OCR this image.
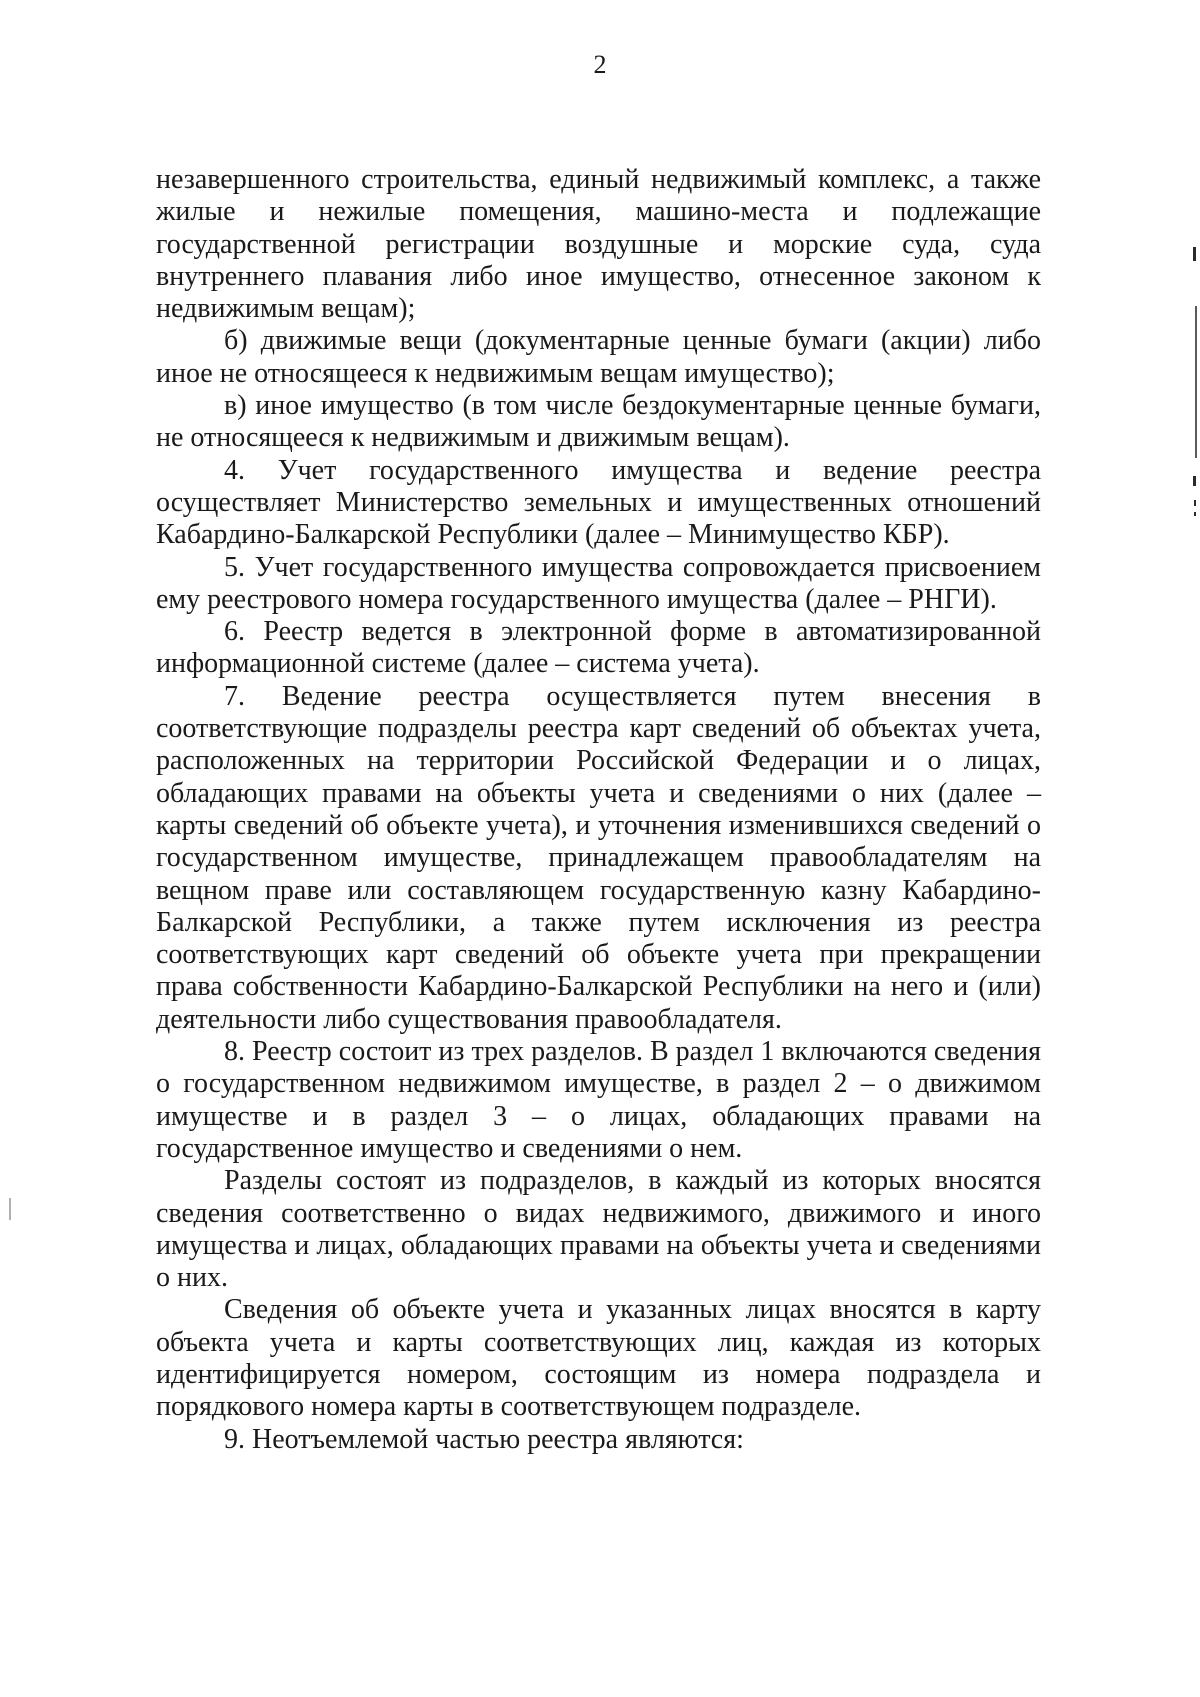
2

незавершенного строительства, единый недвижимый комплекс, а также жилые и нежилые помещения, машино-места и подлежащие государственной регистрации воздушные и морские суда, суда внутреннего плавания либо иное имущество, отнесенное законом к недвижимым вещам);

б) движимые вещи (документарные ценные бумаги (акции) либо иное не относящееся к недвижимым вещам имущество);

в) иное имущество (в том числе бездокументарные ценные бумаги, не относящееся к недвижимым и движимым вещам).

4. Учет государственного имущества и ведение реестра осуществляет Министерство земельных и имущественных отношений Кабардино-Балкарской Республики (далее – Минимущество КБР).

5. Учет государственного имущества сопровождается присвоением ему реестрового номера государственного имущества (далее – РНГИ).

6. Реестр ведется в электронной форме в автоматизированной информационной системе (далее – система учета).

7. Ведение реестра осуществляется путем внесения в соответствующие подразделы реестра карт сведений об объектах учета, расположенных на территории Российской Федерации и о лицах, обладающих правами на объекты учета и сведениями о них (далее – карты сведений об объекте учета), и уточнения изменившихся сведений о государственном имуществе, принадлежащем правообладателям на вещном праве или составляющем государственную казну Кабардино-Балкарской Республики, а также путем исключения из реестра соответствующих карт сведений об объекте учета при прекращении права собственности Кабардино-Балкарской Республики на него и (или) деятельности либо существования правообладателя.

8. Реестр состоит из трех разделов. В раздел 1 включаются сведения о государственном недвижимом имуществе, в раздел 2 – о движимом имуществе и в раздел 3 – о лицах, обладающих правами на государственное имущество и сведениями о нем.

Разделы состоят из подразделов, в каждый из которых вносятся сведения соответственно о видах недвижимого, движимого и иного имущества и лицах, обладающих правами на объекты учета и сведениями о них.

Сведения об объекте учета и указанных лицах вносятся в карту объекта учета и карты соответствующих лиц, каждая из которых идентифицируется номером, состоящим из номера подраздела и порядкового номера карты в соответствующем подразделе.

9. Неотъемлемой частью реестра являются:
